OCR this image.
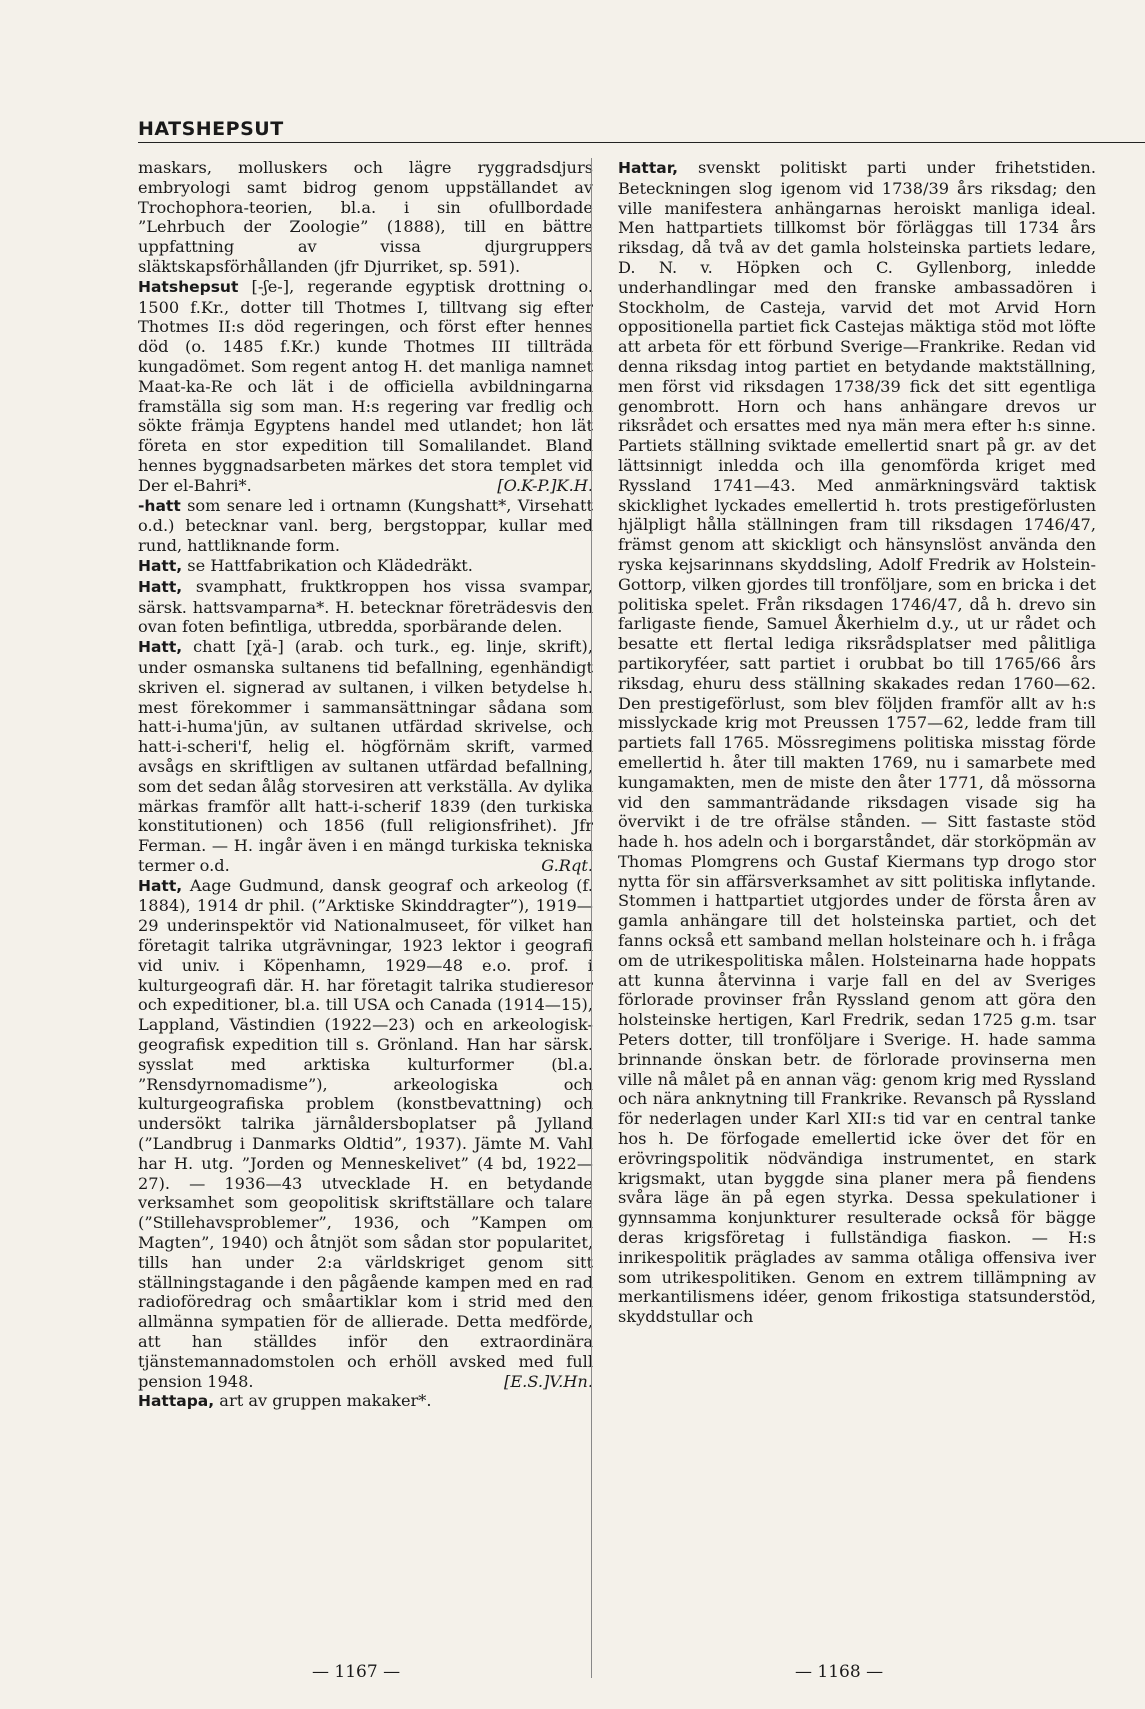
HATSHEPSUT

maskars, molluskers och lägre ryggradsdjurs embryologi samt bidrog genom uppställandet av Trochophora-teorien, bl.a. i sin ofullbordade ”Lehrbuch der Zoologie” (1888), till en bättre uppfattning av vissa djurgruppers släktskapsförhållanden (jfr Djurriket, sp. 591).

Hatshepsut [-ʃe-], regerande egyptisk drottning o. 1500 f.Kr., dotter till Thotmes I, tilltvang sig efter Thotmes II:s död regeringen, och först efter hennes död (o. 1485 f.Kr.) kunde Thotmes III tillträda kungadömet. Som regent antog H. det manliga namnet Maat-ka-Re och lät i de officiella avbildningarna framställa sig som man. H:s regering var fredlig och sökte främja Egyptens handel med utlandet; hon lät företa en stor expedition till Somalilandet. Bland hennes byggnadsarbeten märkes det stora templet vid Der el-Bahri*.	[O.K-P.]K.H.

-hatt som senare led i ortnamn (Kungshatt*, Virsehatt o.d.) betecknar vanl. berg, bergstoppar, kullar med rund, hattliknande form.

Hatt, se Hattfabrikation och Klädedräkt.

Hatt, svamphatt, fruktkroppen hos vissa svampar, särsk. hattsvamparna*. H. betecknar företrädesvis den ovan foten befintliga, utbredda, sporbärande delen.

Hatt, chatt [χä-] (arab. och turk., eg. linje, skrift), under osmanska sultanens tid befallning, egenhändigt skriven el. signerad av sultanen, i vilken betydelse h. mest förekommer i sammansättningar sådana som hatt-i-huma'jūn, av sultanen utfärdad skrivelse, och hatt-i-scheri'f, helig el. högförnäm skrift, varmed avsågs en skriftligen av sultanen utfärdad befallning, som det sedan ålåg storvesiren att verkställa. Av dylika märkas framför allt hatt-i-scherif 1839 (den turkiska konstitutionen) och 1856 (full religionsfrihet). Jfr Ferman. — H. ingår även i en mängd turkiska tekniska termer o.d.	G.Rqt.

Hatt, Aage Gudmund, dansk geograf och arkeolog (f. 1884), 1914 dr phil. (”Arktiske Skinddragter”), 1919—29 underinspektör vid Nationalmuseet, för vilket han företagit talrika utgrävningar, 1923 lektor i geografi vid univ. i Köpenhamn, 1929—48 e.o. prof. i kulturgeografi där. H. har företagit talrika studieresor och expeditioner, bl.a. till USA och Canada (1914—15), Lappland, Västindien (1922—23) och en arkeologisk-geografisk expedition till s. Grönland. Han har särsk. sysslat med arktiska kulturformer (bl.a. ”Rensdyrnomadisme”), arkeologiska och kulturgeografiska problem (konstbevattning) och undersökt talrika järnåldersboplatser på Jylland (”Landbrug i Danmarks Oldtid”, 1937). Jämte M. Vahl har H. utg. ”Jorden og Menneskelivet” (4 bd, 1922—27). — 1936—43 utvecklade H. en betydande verksamhet som geopolitisk skriftställare och talare (”Stillehavsproblemer”, 1936, och ”Kampen om Magten”, 1940) och åtnjöt som sådan stor popularitet, tills han under 2:a världskriget genom sitt ställningstagande i den pågående kampen med en rad radioföredrag och småartiklar kom i strid med den allmänna sympatien för de allierade. Detta medförde, att han ställdes inför den extraordinära tjänstemannadomstolen och erhöll avsked med full pension 1948.	[E.S.]V.Hn.

Hattapa, art av gruppen makaker*.

Hattar, svenskt politiskt parti under frihetstiden. Beteckningen slog igenom vid 1738/39 års riksdag; den ville manifestera anhängarnas heroiskt manliga ideal. Men hattpartiets tillkomst bör förläggas till 1734 års riksdag, då två av det gamla holsteinska partiets ledare, D. N. v. Höpken och C. Gyllenborg, inledde underhandlingar med den franske ambassadören i Stockholm, de Casteja, varvid det mot Arvid Horn oppositionella partiet fick Castejas mäktiga stöd mot löfte att arbeta för ett förbund Sverige—Frankrike. Redan vid denna riksdag intog partiet en betydande maktställning, men först vid riksdagen 1738/39 fick det sitt egentliga genombrott. Horn och hans anhängare drevos ur riksrådet och ersattes med nya män mera efter h:s sinne. Partiets ställning sviktade emellertid snart på gr. av det lättsinnigt inledda och illa genomförda kriget med Ryssland 1741—43. Med anmärkningsvärd taktisk skicklighet lyckades emellertid h. trots prestigeförlusten hjälpligt hålla ställningen fram till riksdagen 1746/47, främst genom att skickligt och hänsynslöst använda den ryska kejsarinnans skyddsling, Adolf Fredrik av Holstein-Gottorp, vilken gjordes till tronföljare, som en bricka i det politiska spelet. Från riksdagen 1746/47, då h. drevo sin farligaste fiende, Samuel Åkerhielm d.y., ut ur rådet och besatte ett flertal lediga riksrådsplatser med pålitliga partikoryféer, satt partiet i orubbat bo till 1765/66 års riksdag, ehuru dess ställning skakades redan 1760—62. Den prestigeförlust, som blev följden framför allt av h:s misslyckade krig mot Preussen 1757—62, ledde fram till partiets fall 1765. Mössregimens politiska misstag förde emellertid h. åter till makten 1769, nu i samarbete med kungamakten, men de miste den åter 1771, då mössorna vid den sammanträdande riksdagen visade sig ha övervikt i de tre ofrälse stånden. — Sitt fastaste stöd hade h. hos adeln och i borgarståndet, där storköpmän av Thomas Plomgrens och Gustaf Kiermans typ drogo stor nytta för sin affärsverksamhet av sitt politiska inflytande. Stommen i hattpartiet utgjordes under de första åren av gamla anhängare till det holsteinska partiet, och det fanns också ett samband mellan holsteinare och h. i fråga om de utrikespolitiska målen. Holsteinarna hade hoppats att kunna återvinna i varje fall en del av Sveriges förlorade provinser från Ryssland genom att göra den holsteinske hertigen, Karl Fredrik, sedan 1725 g.m. tsar Peters dotter, till tronföljare i Sverige. H. hade samma brinnande önskan betr. de förlorade provinserna men ville nå målet på en annan väg: genom krig med Ryssland och nära anknytning till Frankrike. Revansch på Ryssland för nederlagen under Karl XII:s tid var en central tanke hos h. De förfogade emellertid icke över det för en erövringspolitik nödvändiga instrumentet, en stark krigsmakt, utan byggde sina planer mera på fiendens svåra läge än på egen styrka. Dessa spekulationer i gynnsamma konjunkturer resulterade också för bägge deras krigsföretag i fullständiga fiaskon. — H:s inrikespolitik präglades av samma otåliga offensiva iver som utrikespolitiken. Genom en extrem tillämpning av merkantilismens idéer, genom frikostiga statsunderstöd, skyddstullar och

— 1167 —	— 1168 —
